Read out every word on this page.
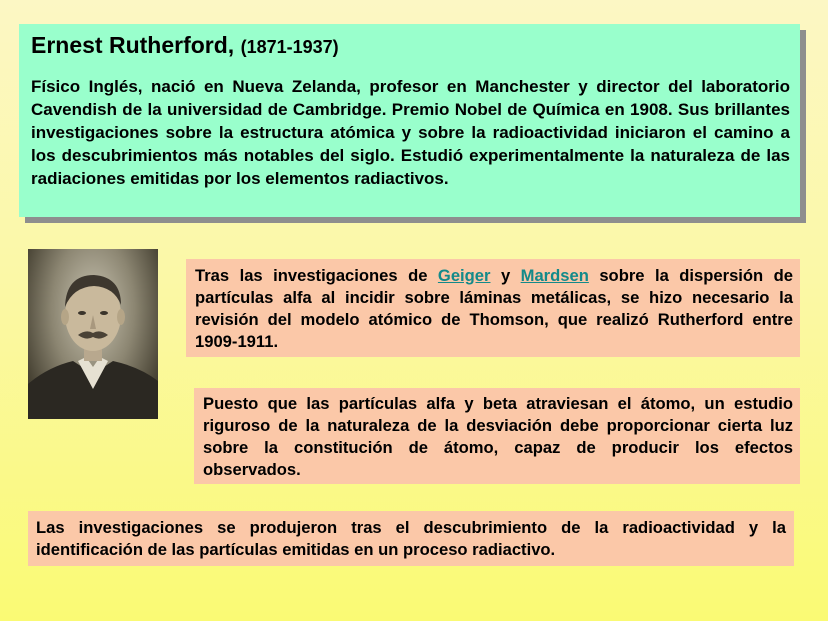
Ernest Rutherford, (1871-1937)

Físico Inglés, nació en Nueva Zelanda, profesor en Manchester y director del laboratorio Cavendish de la universidad de Cambridge. Premio Nobel de Química en 1908. Sus brillantes investigaciones sobre la estructura atómica y sobre la radioactividad iniciaron el camino a los descubrimientos más notables del siglo. Estudió experimentalmente la naturaleza de las radiaciones emitidas por los elementos radiactivos.

Tras las investigaciones de Geiger y Mardsen sobre la dispersión de partículas alfa al incidir sobre láminas metálicas, se hizo necesario la revisión del modelo atómico de Thomson, que realizó Rutherford entre 1909-1911.

Puesto que las partículas alfa y beta atraviesan el átomo, un estudio riguroso de la naturaleza de la desviación debe proporcionar cierta luz sobre la constitución de átomo, capaz de producir los efectos observados.

Las investigaciones se produjeron tras el descubrimiento de la radioactividad y la identificación de las partículas emitidas en un proceso radiactivo.
